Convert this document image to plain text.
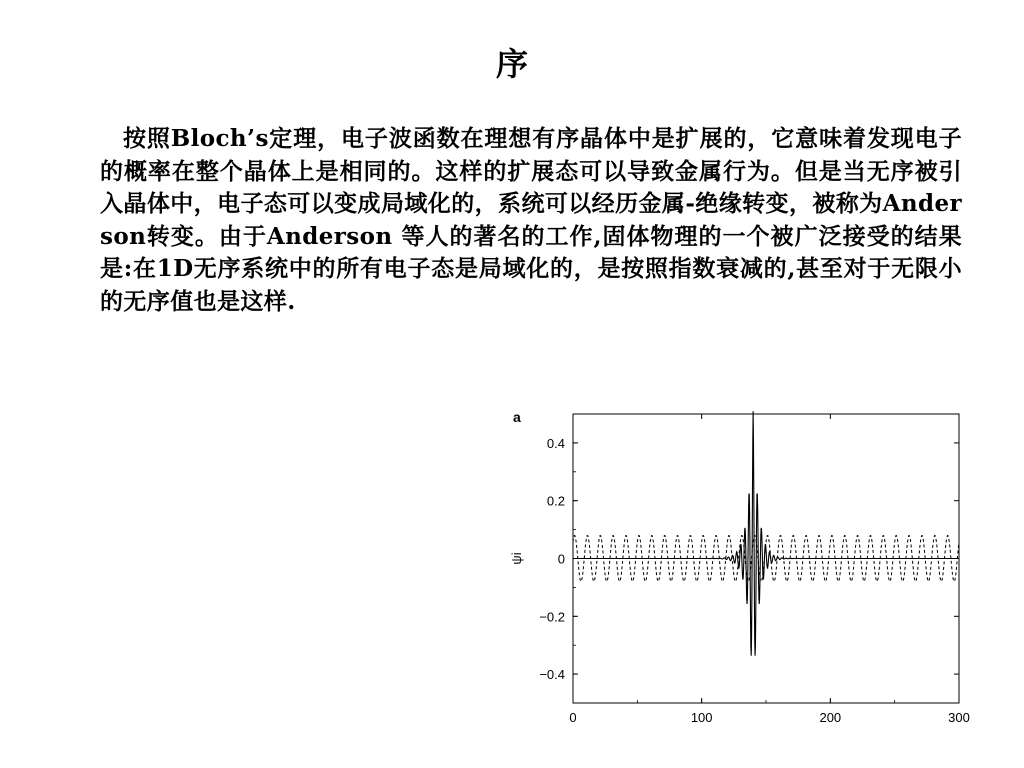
序
按照Bloch’s定理，电子波函数在理想有序晶体中是扩展的，它意味着发现电子的概率在整个晶体上是相同的。这样的扩展态可以导致金属行为。但是当无序被引入晶体中，电子态可以变成局域化的，系统可以经历金属-绝缘转变，被称为Anderson转变。由于Anderson 等人的著名的工作,固体物理的一个被广泛接受的结果是:在1D无序系统中的所有电子态是局域化的，是按照指数衰减的,甚至对于无限小的无序值也是这样.
a
0.4
0.2
0
−0.2
−0.4
0	100	200	300
ψi
